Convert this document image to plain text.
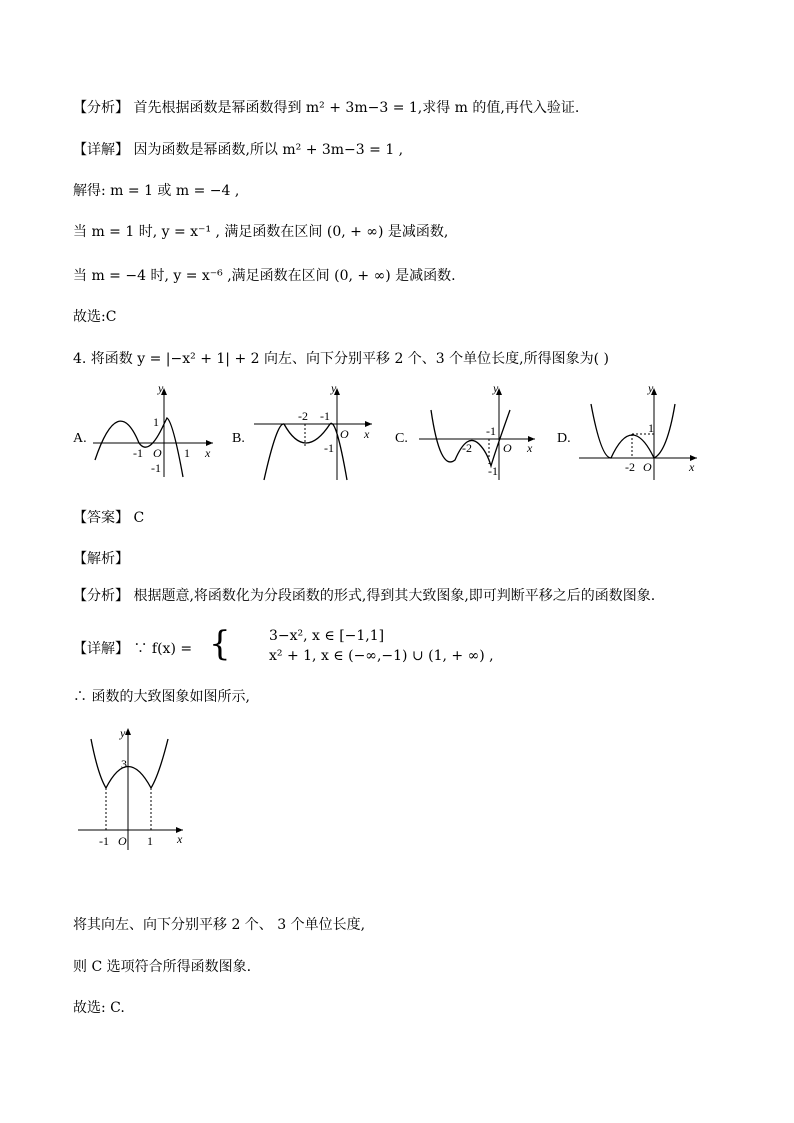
【分析】 首先根据函数是幂函数得到 m² + 3m−3 = 1,求得 m 的值,再代入验证.
【详解】 因为函数是幂函数,所以 m² + 3m−3 = 1 ,
解得: m = 1 或 m = −4 ,
当 m = 1 时, y = x⁻¹ , 满足函数在区间 (0, + ∞) 是减函数,
当 m = −4 时, y = x⁻⁶ ,满足函数在区间 (0, + ∞) 是减函数.
故选:C
4. 将函数 y = |−x² + 1| + 2 向左、向下分别平移 2 个、3 个单位长度,所得图象为( )
A.
y
x
O
1
-1	1
-1
B.
y
x
O
-2 -1
-1
C.
y
x
O
-2
-1
-1
D.
y
x
O
-2
1
【答案】 C
【解析】
【分析】 根据题意,将函数化为分段函数的形式,得到其大致图象,即可判断平移之后的函数图象.
【详解】 ∵ f(x) = {	3−x², x ∈ [−1,1]
x² + 1, x ∈ (−∞,−1) ∪ (1, + ∞) ,
∴ 函数的大致图象如图所示,
y
x
3
-1 O 1
将其向左、向下分别平移 2 个、 3 个单位长度,
则 C 选项符合所得函数图象.
故选: C.
